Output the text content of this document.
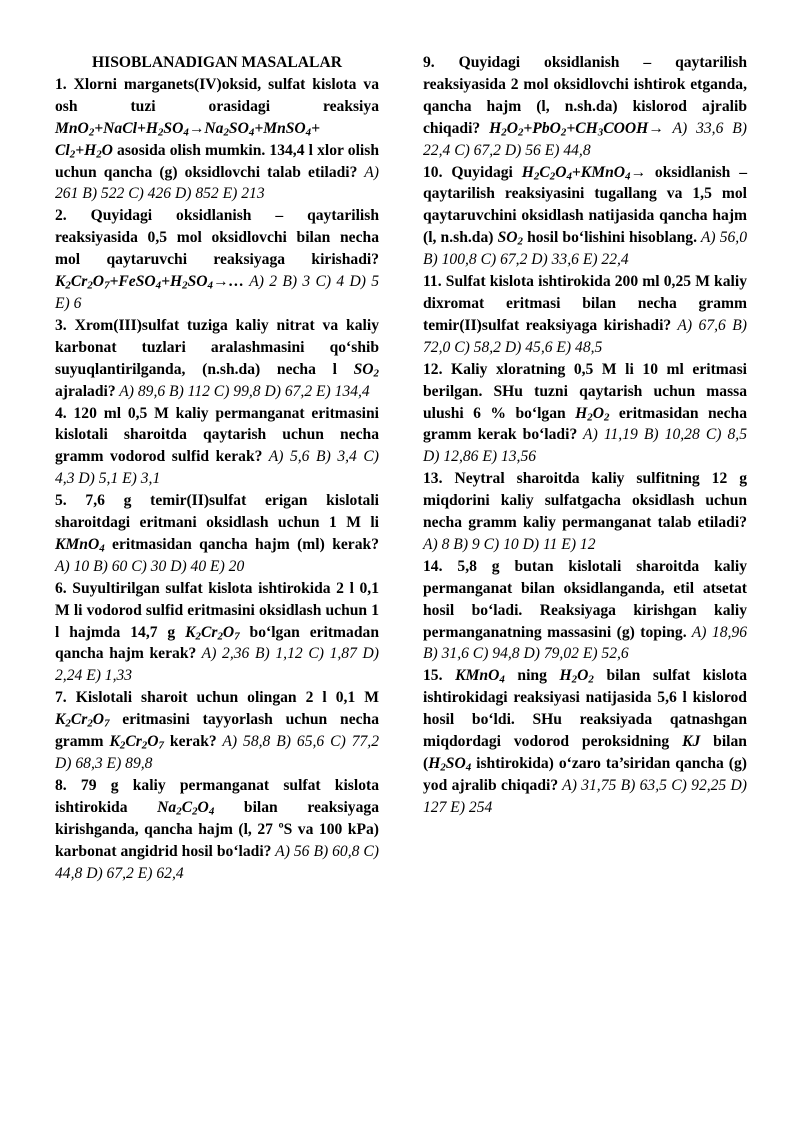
HISOBLANADIGAN MASALALAR

1. Xlorni marganets(IV)oksid, sulfat kislota va osh tuzi orasidagi reaksiya $MnO_2+NaCl+H_2SO_4\to Na_2SO_4+MnSO_4+ Cl_2+H_2O$ asosida olish mumkin. 134,4 l xlor olish uchun qancha (g) oksidlovchi talab etiladi? A) 261 B) 522 C) 426 D) 852 E) 213

2. Quyidagi oksidlanish – qaytarilish reaksiyasida 0,5 mol oksidlovchi bilan necha mol qaytaruvchi reaksiyaga kirishadi? $K_2Cr_2O_7+FeSO_4+H_2SO_4\to\dots$ A) 2 B) 3 C) 4 D) 5 E) 6

3. Xrom(III)sulfat tuziga kaliy nitrat va kaliy karbonat tuzlari aralashmasini qo‘shib suyuqlantirilganda, (n.sh.da) necha l $SO_2$ ajraladi? A) 89,6 B) 112 C) 99,8 D) 67,2 E) 134,4

4. 120 ml 0,5 M kaliy permanganat eritmasini kislotali sharoitda qaytarish uchun necha gramm vodorod sulfid kerak? A) 5,6 B) 3,4 C) 4,3 D) 5,1 E) 3,1

5. 7,6 g temir(II)sulfat erigan kislotali sharoitdagi eritmani oksidlash uchun 1 M li KMnO$_4$ eritmasidan qancha hajm (ml) kerak? A) 10 B) 60 C) 30 D) 40 E) 20

6. Suyultirilgan sulfat kislota ishtirokida 2 l 0,1 M li vodorod sulfid eritmasini oksidlash uchun 1 l hajmda 14,7 g $K_2Cr_2O_7$ bo‘lgan eritmadan qancha hajm kerak? A) 2,36 B) 1,12 C) 1,87 D) 2,24 E) 1,33

7. Kislotali sharoit uchun olingan 2 l 0,1 M $K_2Cr_2O_7$ eritmasini tayyorlash uchun necha gramm $K_2Cr_2O_7$ kerak? A) 58,8 B) 65,6 C) 77,2 D) 68,3 E) 89,8

8. 79 g kaliy permanganat sulfat kislota ishtirokida $Na_2C_2O_4$ bilan reaksiyaga kirishganda, qancha hajm (l, 27 ºS va 100 kPa) karbonat angidrid hosil bo‘ladi? A) 56 B) 60,8 C) 44,8 D) 67,2 E) 62,4

9. Quyidagi oksidlanish – qaytarilish reaksiyasida 2 mol oksidlovchi ishtirok etganda, qancha hajm (l, n.sh.da) kislorod ajralib chiqadi? $H_2O_2+PbO_2+CH_3COOH\to A$) 33,6 B) 22,4 C) 67,2 D) 56 E) 44,8

10. Quyidagi $H_2C_2O_4+KMnO_4\to$ oksidlanish – qaytarilish reaksiyasini tugallang va 1,5 mol qaytaruvchini oksidlash natijasida qancha hajm (l, n.sh.da) $SO_2$ hosil bo‘lishini hisoblang. A) 56,0 B) 100,8 C) 67,2 D) 33,6 E) 22,4

11. Sulfat kislota ishtirokida 200 ml 0,25 M kaliy dixromat eritmasi bilan necha gramm temir(II)sulfat reaksiyaga kirishadi? A) 67,6 B) 72,0 C) 58,2 D) 45,6 E) 48,5

12. Kaliy xloratning 0,5 M li 10 ml eritmasi berilgan. SHu tuzni qaytarish uchun massa ulushi 6 % bo‘lgan $H_2O_2$ eritmasidan necha gramm kerak bo‘ladi? A) 11,19 B) 10,28 C) 8,5 D) 12,86 E) 13,56

13. Neytral sharoitda kaliy sulfitning 12 g miqdorini kaliy sulfatgacha oksidlash uchun necha gramm kaliy permanganat talab etiladi? A) 8 B) 9 C) 10 D) 11 E) 12

14. 5,8 g butan kislotali sharoitda kaliy permanganat bilan oksidlanganda, etil atsetat hosil bo‘ladi. Reaksiyaga kirishgan kaliy permanganatning massasini (g) toping. A) 18,96 B) 31,6 C) 94,8 D) 79,02 E) 52,6

15. KMnO$_4$ ning $H_2O_2$ bilan sulfat kislota ishtirokidagi reaksiyasi natijasida 5,6 l kislorod hosil bo‘ldi. SHu reaksiyada qatnashgan miqdordagi vodorod peroksidning KJ bilan ($H_2SO_4$ ishtirokida) o‘zaro ta’siridan qancha (g) yod ajralib chiqadi? A) 31,75 B) 63,5 C) 92,25 D) 127 E) 254
